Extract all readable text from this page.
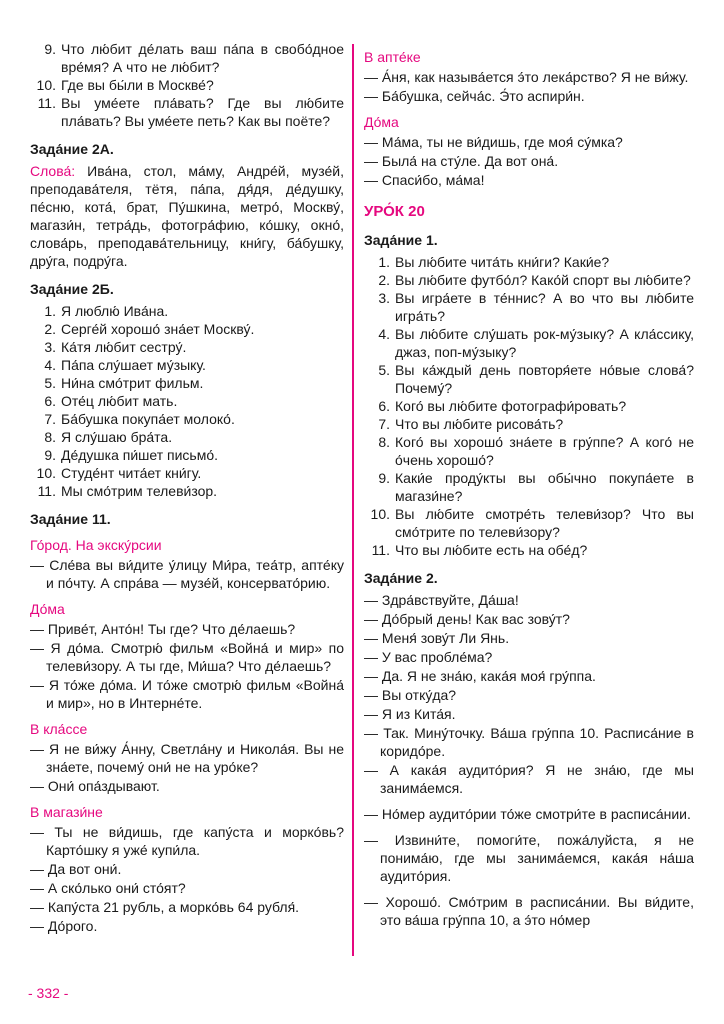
9. Что лю́бит де́лать ваш па́па в свобо́дное вре́мя? А что не лю́бит?
10. Где вы бы́ли в Москве́?
11. Вы уме́ете пла́вать? Где вы лю́бите пла́вать? Вы уме́ете петь? Как вы поёте?
Зада́ние 2А.
Слова́: Ива́на, стол, ма́му, Андре́й, музе́й, преподава́теля, тётя, па́па, дя́дя, де́душку, пе́сню, кота́, брат, Пу́шкина, метро́, Москву́, магази́н, тетра́дь, фотогра́фию, ко́шку, окно́, слова́рь, преподава́тельницу, кни́гу, ба́бушку, дру́га, подру́га.
Зада́ние 2Б.
1. Я люблю́ Ива́на.
2. Серге́й хорошо́ зна́ет Москву́.
3. Ка́тя лю́бит сестру́.
4. Па́па слу́шает му́зыку.
5. Ни́на смо́трит фильм.
6. Оте́ц лю́бит мать.
7. Ба́бушка покупа́ет молоко́.
8. Я слу́шаю бра́та.
9. Де́душка пи́шет письмо́.
10. Студе́нт чита́ет кни́гу.
11. Мы смо́трим телеви́зор.
Зада́ние 11.
Го́род. На экску́рсии
— Сле́ва вы ви́дите у́лицу Ми́ра, теа́тр, апте́ку и по́чту. А спра́ва — музе́й, консервато́рию.
До́ма
— Приве́т, Анто́н! Ты где? Что де́лаешь?
— Я до́ма. Смотрю́ фильм «Война́ и мир» по телеви́зору. А ты где, Ми́ша? Что де́лаешь?
— Я то́же до́ма. И то́же смотрю́ фильм «Война́ и мир», но в Интерне́те.
В кла́ссе
— Я не ви́жу А́нну, Светла́ну и Никола́я. Вы не зна́ете, почему́ они́ не на уро́ке?
— Они́ опа́здывают.
В магази́не
— Ты не ви́дишь, где капу́ста и морко́вь? Карто́шку я уже́ купи́ла.
— Да вот они́.
— А ско́лько они́ сто́ят?
— Капу́ста 21 рубль, а морко́вь 64 рубля́.
— До́рого.
В апте́ке
— А́ня, как называ́ется э́то лека́рство? Я не ви́жу.
— Ба́бушка, сейча́с. Э́то аспири́н.
До́ма
— Ма́ма, ты не ви́дишь, где моя́ су́мка?
— Была́ на сту́ле. Да вот она́.
— Спаси́бо, ма́ма!
УРО́К 20
Зада́ние 1.
1. Вы лю́бите чита́ть кни́ги? Каки́е?
2. Вы лю́бите футбо́л? Како́й спорт вы лю́бите?
3. Вы игра́ете в те́ннис? А во что вы лю́бите игра́ть?
4. Вы лю́бите слу́шать рок-му́зыку? А кла́ссику, джаз, поп-му́зыку?
5. Вы ка́ждый день повторя́ете но́вые слова́? Почему́?
6. Кого́ вы лю́бите фотографи́ровать?
7. Что вы лю́бите рисова́ть?
8. Кого́ вы хорошо́ зна́ете в гру́ппе? А кого́ не о́чень хорошо́?
9. Каки́е проду́кты вы обы́чно покупа́ете в магази́не?
10. Вы лю́бите смотре́ть телеви́зор? Что вы смо́трите по телеви́зору?
11. Что вы лю́бите есть на обе́д?
Зада́ние 2.
— Здра́вствуйте, Да́ша!
— До́брый день! Как вас зову́т?
— Меня́ зову́т Ли Янь.
— У вас пробле́ма?
— Да. Я не зна́ю, кака́я моя́ гру́ппа.
— Вы отку́да?
— Я из Кита́я.
— Так. Мину́точку. Ва́ша гру́ппа 10. Расписа́ние в коридо́ре.
— А кака́я аудито́рия? Я не зна́ю, где мы занима́емся.
— Но́мер аудито́рии то́же смотри́те в расписа́нии.
— Извини́те, помоги́те, пожа́луйста, я не понима́ю, где мы занима́емся, кака́я на́ша аудито́рия.
— Хорошо́. Смо́трим в расписа́нии. Вы ви́дите, это ва́ша гру́ппа 10, а э́то но́мер
- 332 -
